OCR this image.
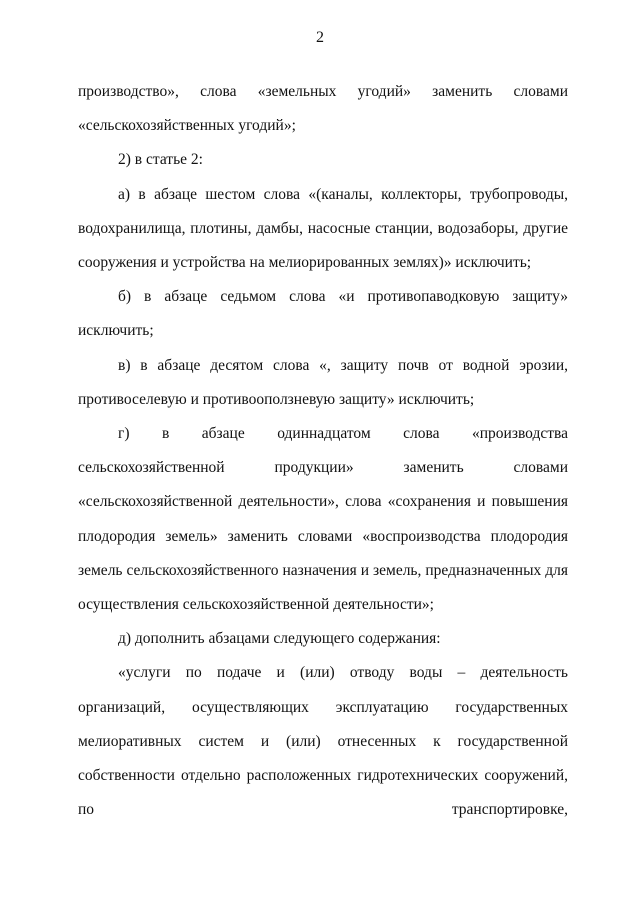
2

производство», слова «земельных угодий» заменить словами «сельскохозяйственных угодий»;

2) в статье 2:

а) в абзаце шестом слова «(каналы, коллекторы, трубопроводы, водохранилища, плотины, дамбы, насосные станции, водозаборы, другие сооружения и устройства на мелиорированных землях)» исключить;

б) в абзаце седьмом слова «и противопаводковую защиту» исключить;

в) в абзаце десятом слова «, защиту почв от водной эрозии, противоселевую и противооползневую защиту» исключить;

г) в абзаце одиннадцатом слова «производства сельскохозяйственной продукции» заменить словами «сельскохозяйственной деятельности», слова «сохранения и повышения плодородия земель» заменить словами «воспроизводства плодородия земель сельскохозяйственного назначения и земель, предназначенных для осуществления сельскохозяйственной деятельности»;

д) дополнить абзацами следующего содержания:

«услуги по подаче и (или) отводу воды – деятельность организаций, осуществляющих эксплуатацию государственных мелиоративных систем и (или) отнесенных к государственной собственности отдельно расположенных гидротехнических сооружений, по транспортировке,
